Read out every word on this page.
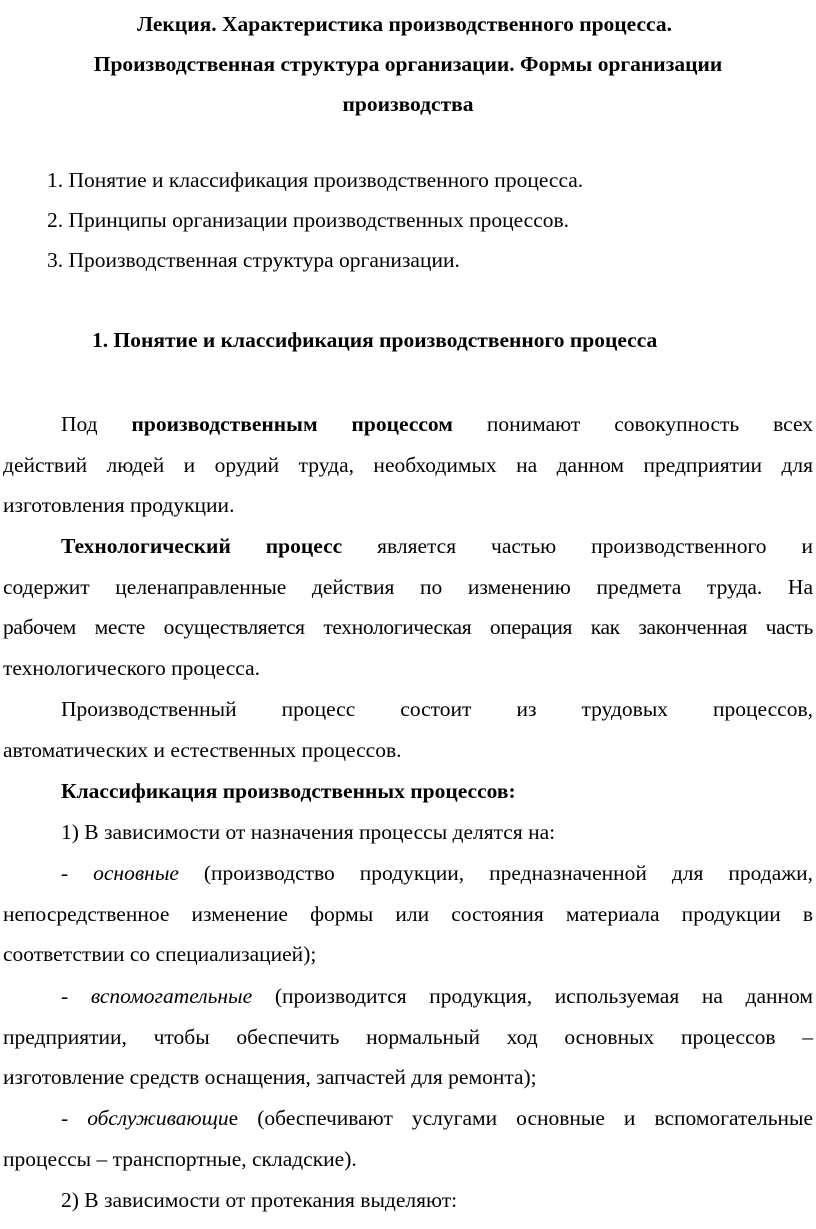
Лекция. Характеристика производственного процесса.
Производственная структура организации. Формы организации
производства
1. Понятие и классификация производственного процесса.
2. Принципы организации производственных процессов.
3. Производственная структура организации.
1. Понятие и классификация производственного процесса
Под производственным процессом понимают совокупность всех
действий людей и орудий труда, необходимых на данном предприятии для
изготовления продукции.
Технологический процесс является частью производственного и
содержит целенаправленные действия по изменению предмета труда. На
рабочем месте осуществляется технологическая операция как законченная часть
технологического процесса.
Производственный процесс состоит из трудовых процессов,
автоматических и естественных процессов.
Классификация производственных процессов:
1) В зависимости от назначения процессы делятся на:
- основные (производство продукции, предназначенной для продажи,
непосредственное изменение формы или состояния материала продукции в
соответствии со специализацией);
- вспомогательные (производится продукция, используемая на данном
предприятии, чтобы обеспечить нормальный ход основных процессов –
изготовление средств оснащения, запчастей для ремонта);
- обслуживающие (обеспечивают услугами основные и вспомогательные
процессы – транспортные, складские).
2) В зависимости от протекания выделяют:
